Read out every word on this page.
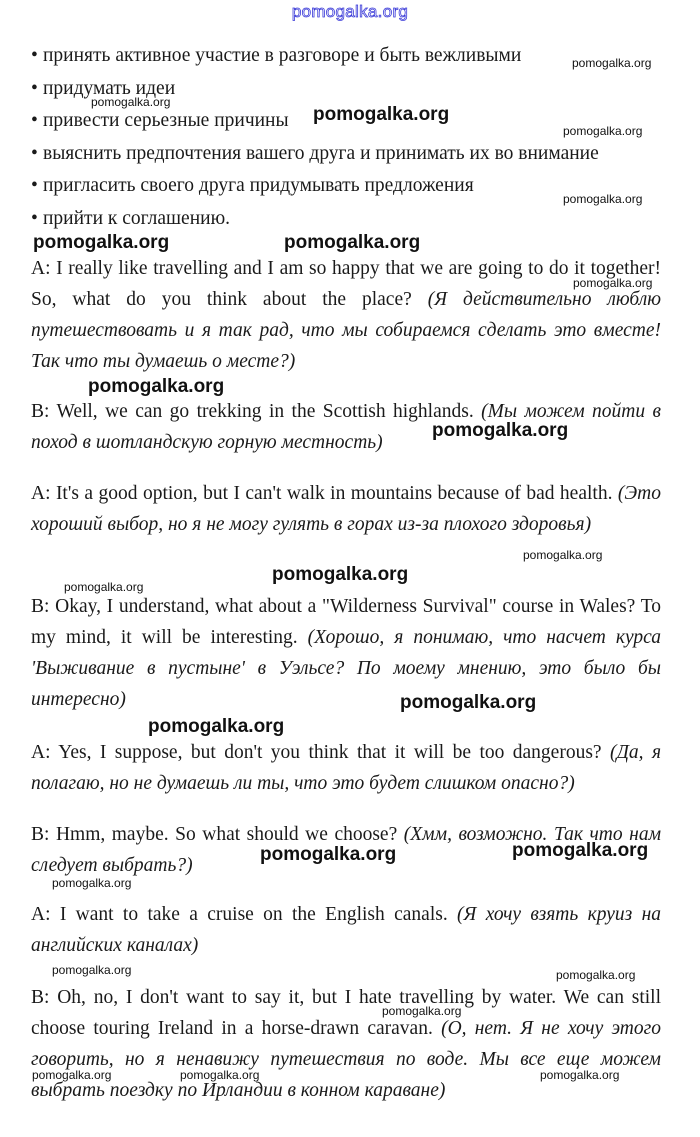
pomogalka.org
• принять активное участие в разговоре и быть вежливыми
• придумать идеи
• привести серьезные причины
• выяснить предпочтения вашего друга и принимать их во внимание
• пригласить своего друга придумывать предложения
• прийти к соглашению.

A: I really like travelling and I am so happy that we are going to do it together! So, what do you think about the place? (Я действительно люблю путешествовать и я так рад, что мы собираемся сделать это вместе! Так что ты думаешь о месте?)

B: Well, we can go trekking in the Scottish highlands. (Мы можем пойти в поход в шотландскую горную местность)

A: It's a good option, but I can't walk in mountains because of bad health. (Это хороший выбор, но я не могу гулять в горах из-за плохого здоровья)

B: Okay, I understand, what about a "Wilderness Survival" course in Wales? To my mind, it will be interesting. (Хорошо, я понимаю, что насчет курса 'Выживание в пустыне' в Уэльсе? По моему мнению, это было бы интересно)

A: Yes, I suppose, but don't you think that it will be too dangerous? (Да, я полагаю, но не думаешь ли ты, что это будет слишком опасно?)

B: Hmm, maybe. So what should we choose? (Хмм, возможно. Так что нам следует выбрать?)

A: I want to take a cruise on the English canals. (Я хочу взять круиз на английских каналах)

B: Oh, no, I don't want to say it, but I hate travelling by water. We can still choose touring Ireland in a horse-drawn caravan. (О, нет. Я не хочу этого говорить, но я ненавижу путешествия по воде. Мы все еще можем выбрать поездку по Ирландии в конном караване)

pomogalka.org
pomogalka.org
pomogalka.org
pomogalka.org
pomogalka.org
pomogalka.org	pomogalka.org
pomogalka.org
pomogalka.org
pomogalka.org
pomogalka.org
pomogalka.org
pomogalka.org
pomogalka.org
pomogalka.org
pomogalka.org	pomogalka.org
pomogalka.org
pomogalka.org	pomogalka.org
pomogalka.org
pomogalka.org	pomogalka.org	pomogalka.org
